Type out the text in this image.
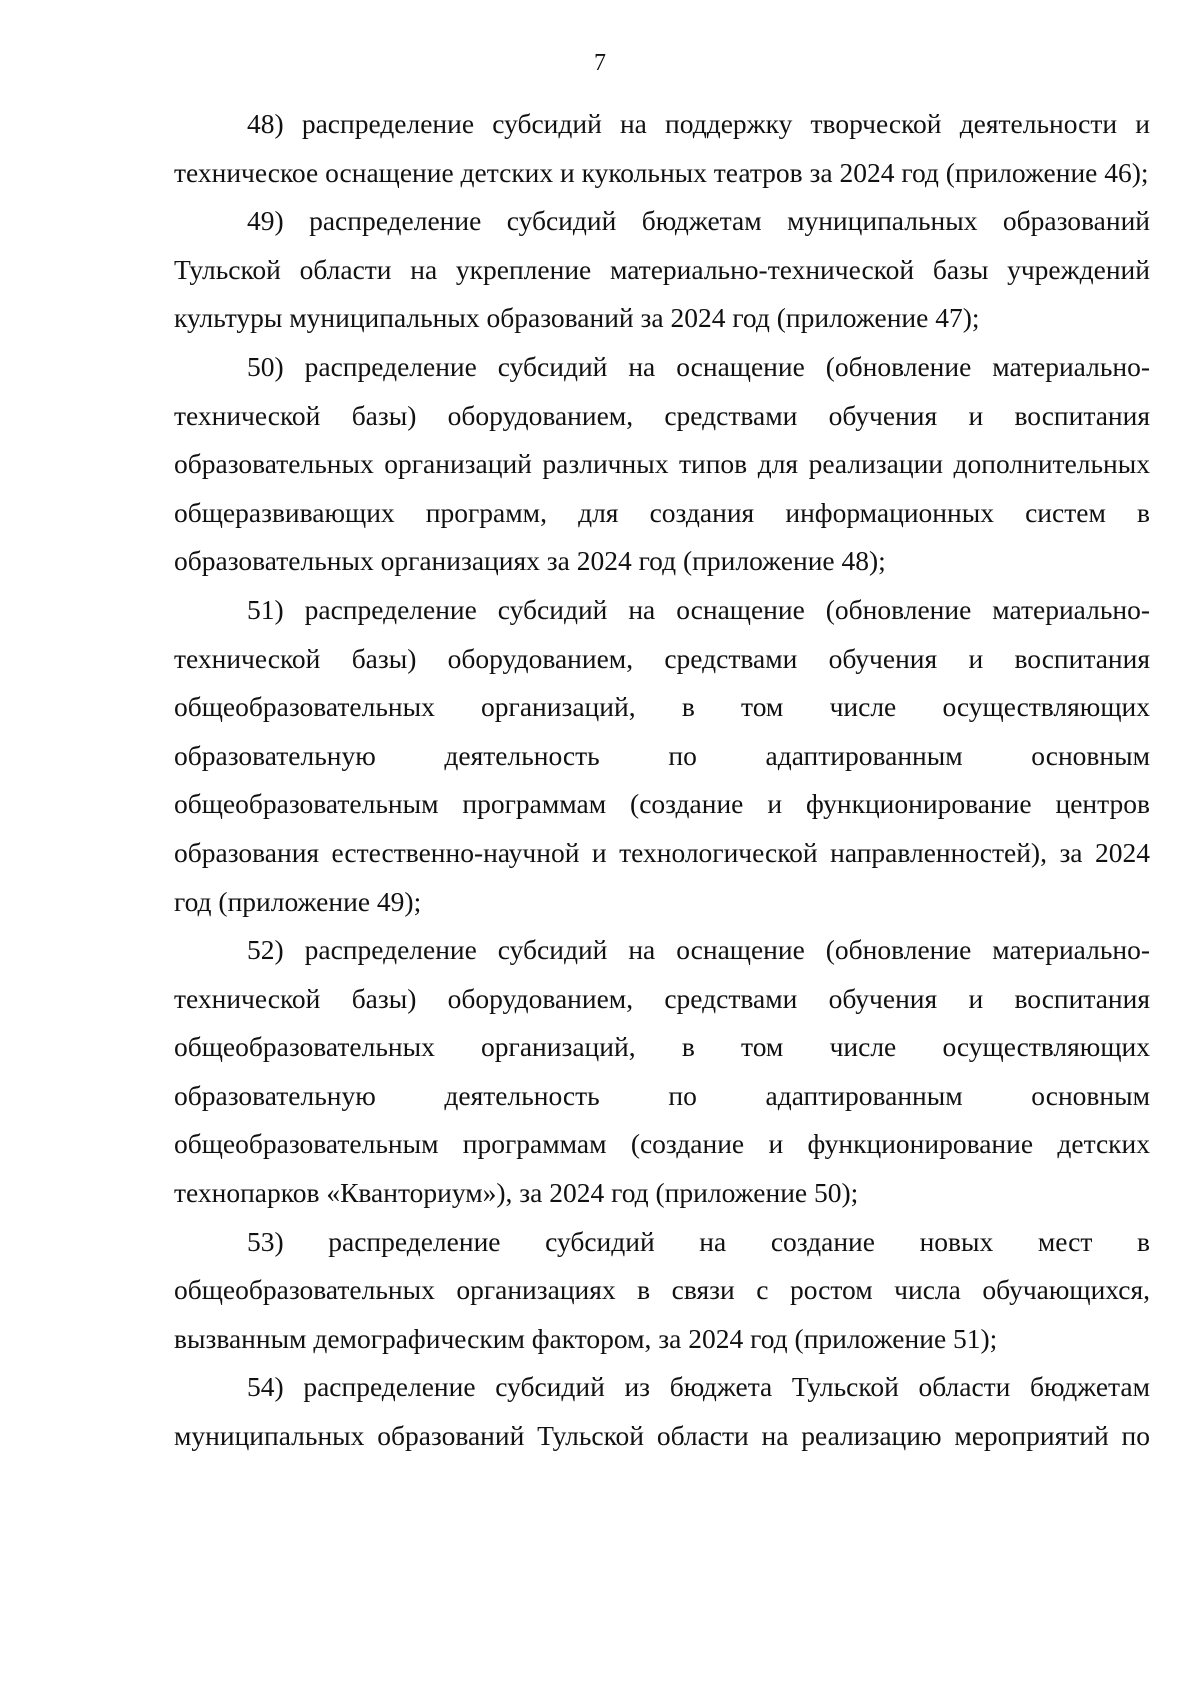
7

48) распределение субсидий на поддержку творческой деятельности и техническое оснащение детских и кукольных театров за 2024 год (приложение 46);

49) распределение субсидий бюджетам муниципальных образований Тульской области на укрепление материально-технической базы учреждений культуры муниципальных образований за 2024 год (приложение 47);

50) распределение субсидий на оснащение (обновление материально-технической базы) оборудованием, средствами обучения и воспитания образовательных организаций различных типов для реализации дополнительных общеразвивающих программ, для создания информационных систем в образовательных организациях за 2024 год (приложение 48);

51) распределение субсидий на оснащение (обновление материально-технической базы) оборудованием, средствами обучения и воспитания общеобразовательных организаций, в том числе осуществляющих образовательную деятельность по адаптированным основным общеобразовательным программам (создание и функционирование центров образования естественно-научной и технологической направленностей), за 2024 год (приложение 49);

52) распределение субсидий на оснащение (обновление материально-технической базы) оборудованием, средствами обучения и воспитания общеобразовательных организаций, в том числе осуществляющих образовательную деятельность по адаптированным основным общеобразовательным программам (создание и функционирование детских технопарков «Кванториум»), за 2024 год (приложение 50);

53) распределение субсидий на создание новых мест в общеобразовательных организациях в связи с ростом числа обучающихся, вызванным демографическим фактором, за 2024 год (приложение 51);

54) распределение субсидий из бюджета Тульской области бюджетам муниципальных образований Тульской области на реализацию мероприятий по
